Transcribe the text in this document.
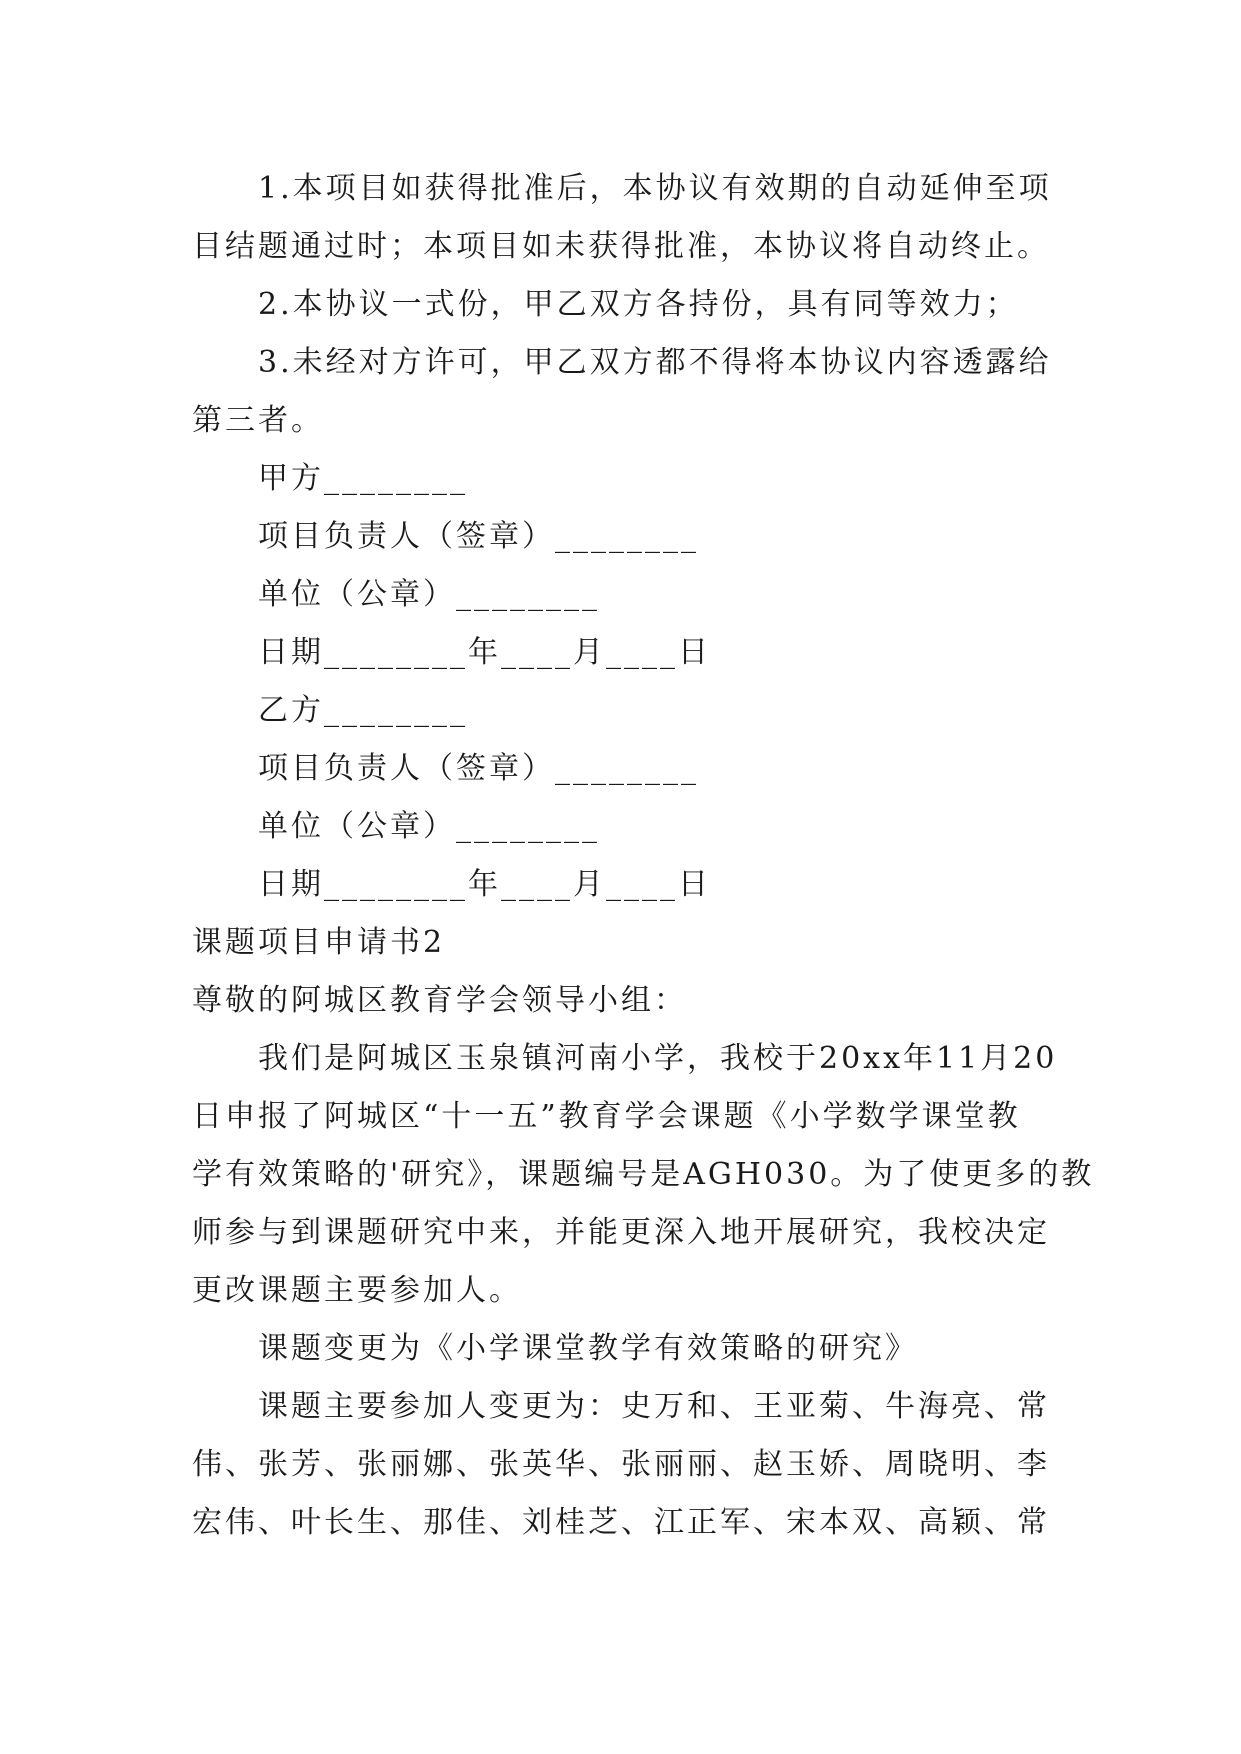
1.本项目如获得批准后，本协议有效期的自动延伸至项
目结题通过时；本项目如未获得批准，本协议将自动终止。
2.本协议一式份，甲乙双方各持份，具有同等效力；
3.未经对方许可，甲乙双方都不得将本协议内容透露给
第三者。
甲方________
项目负责人（签章）________
单位（公章）________
日期________年____月____日
乙方________
项目负责人（签章）________
单位（公章）________
日期________年____月____日
课题项目申请书2
尊敬的阿城区教育学会领导小组：
我们是阿城区玉泉镇河南小学，我校于20xx年11月20
日申报了阿城区“十一五”教育学会课题《小学数学课堂教
学有效策略的'研究》，课题编号是AGH030。为了使更多的教
师参与到课题研究中来，并能更深入地开展研究，我校决定
更改课题主要参加人。
课题变更为《小学课堂教学有效策略的研究》
课题主要参加人变更为：史万和、王亚菊、牛海亮、常
伟、张芳、张丽娜、张英华、张丽丽、赵玉娇、周晓明、李
宏伟、叶长生、那佳、刘桂芝、江正军、宋本双、高颖、常
